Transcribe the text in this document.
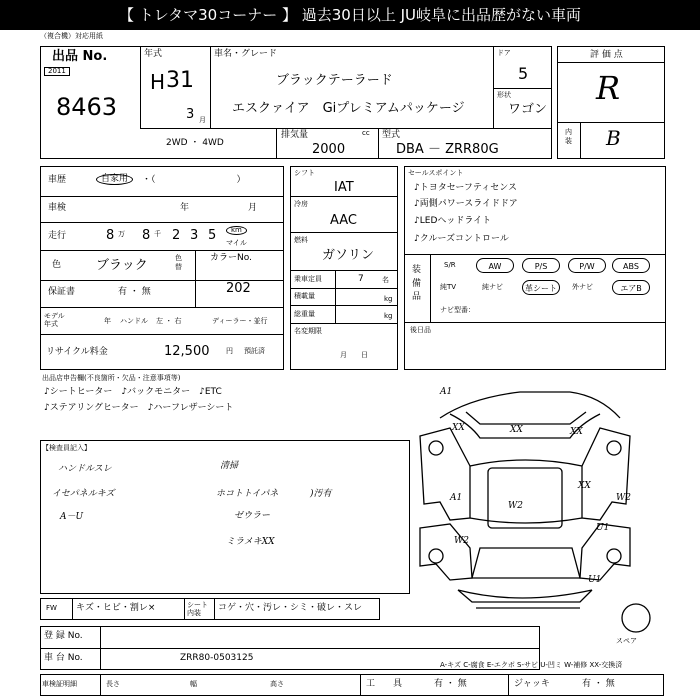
【 トレタマ30コーナー 】 過去30日以上 JU岐阜に出品歴がない車両
（複合機）対応用紙
出品 No.
2011
8463
年式
H 31
3 月
車名・グレード
ブラックテーラード
エスクァイア　Giプレミアムパッケージ
ドア
5
形状
ワゴン
2WD ・ 4WD
排気量	cc
2000
型式
DBA － ZRR80G
評 価 点
R
内装 B
車歴	自家用	・（　　　　　　　　　）
車検	年	月
走行	8 万 8 千 2 3 5	km
マイル
色	ブラック	色替
カラーNo.
202
保証書	有 ・ 無
モデル年式	年 ハンドル 左 ・ 右	ディーラー・並行
リサイクル料金	12,500 円 預託済
シフト
IAT
冷房
AAC
燃料
ガソリン
乗車定員	7	名
積載量	kg
総重量	kg
名変期限
月日
セールスポイント
♪トヨタセーフティセンス
♪両側パワースライドドア
♪LEDヘッドライト
♪クルーズコントロール
装備品
S/R	AW	P/S	P/W	ABS
純TV	純ナビ	革シート	外ナビ	エアB
ナビ型番：
後日品
出品店申告欄(不良箇所・欠品・注意事項等)
♪シートヒーター　♪バックモニター　♪ETC
♪ステアリングヒーター　♪ハーフレザーシート
【検査員記入】
ハンドルスレ
イセパネルキズ
A－U
清掃
ホコトトイパネ	)汚有
ゼウラー
ミラメキXX
A1
XX	XX	XX
A1
W2
W2
XX
U1
U1
W2
スペア
FW キズ・ヒビ・割レ×	シート内装
コゲ・穴・汚レ・シミ・破レ・スレ
登 録 No.
車 台 No.	ZRR80-0503125
A-キズ C-腐食 E-エクボ S-サビ U-凹ミ W-補修 XX-交換済
車検証明細	長さ	幅	高さ	工　　具	有 ・ 無	ジャッキ	有 ・ 無
